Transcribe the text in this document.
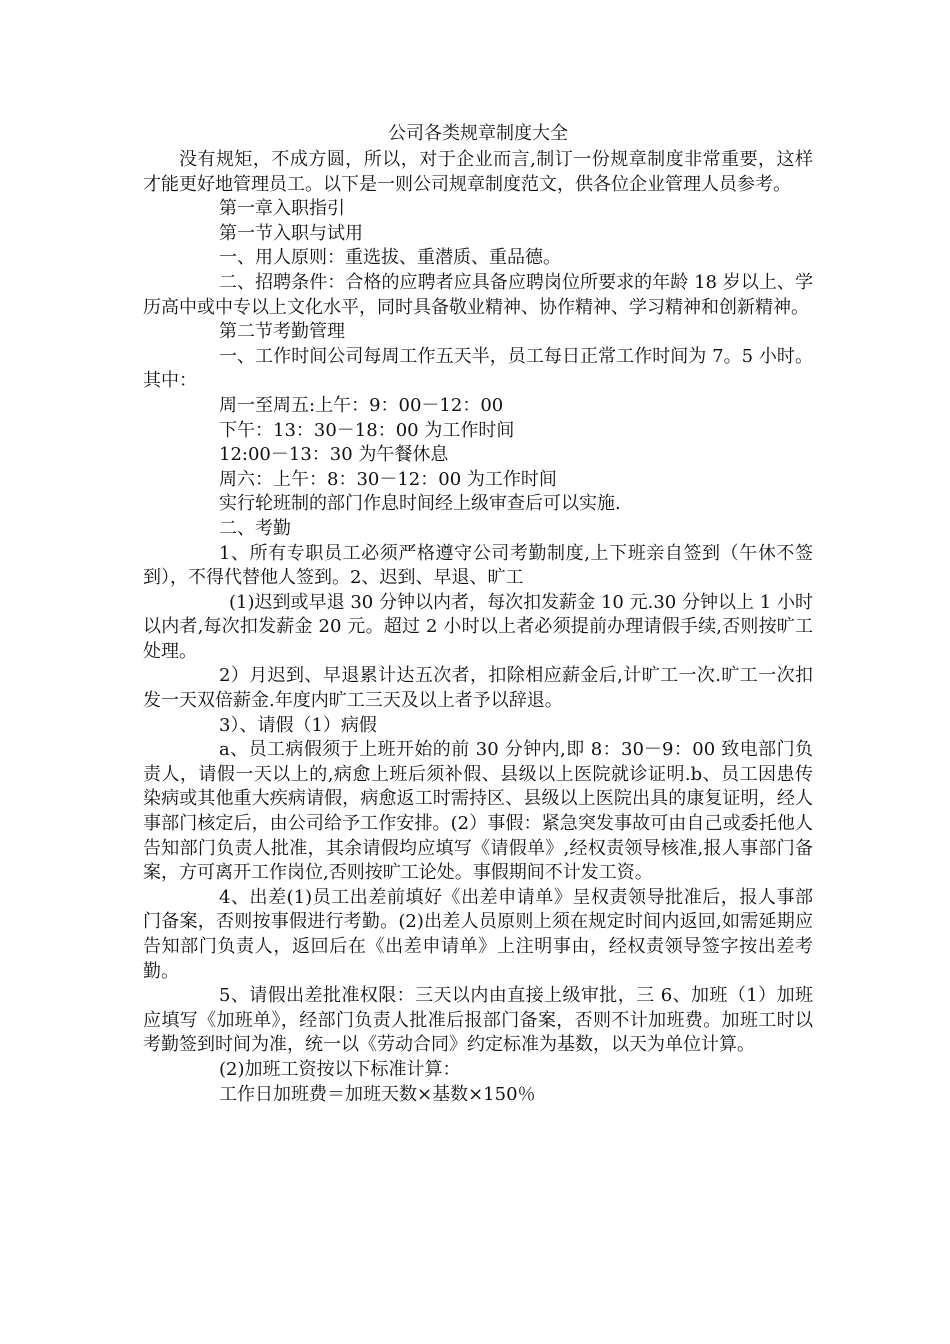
公司各类规章制度大全

没有规矩，不成方圆，所以，对于企业而言,制订一份规章制度非常重要，这样才能更好地管理员工。以下是一则公司规章制度范文，供各位企业管理人员参考。

第一章入职指引

第一节入职与试用

一、用人原则：重选拔、重潜质、重品德。

二、招聘条件：合格的应聘者应具备应聘岗位所要求的年龄 18 岁以上、学历高中或中专以上文化水平，同时具备敬业精神、协作精神、学习精神和创新精神。

第二节考勤管理

一、工作时间公司每周工作五天半，员工每日正常工作时间为 7。5 小时。其中：

周一至周五:上午：9：00－12：00

下午：13：30－18：00 为工作时间

12:00－13：30 为午餐休息

周六：上午：8：30－12：00 为工作时间

实行轮班制的部门作息时间经上级审查后可以实施.

二、考勤

1、所有专职员工必须严格遵守公司考勤制度,上下班亲自签到（午休不签到），不得代替他人签到。2、迟到、早退、旷工

(1)迟到或早退 30 分钟以内者，每次扣发薪金 10 元.30 分钟以上 1 小时以内者,每次扣发薪金 20 元。超过 2 小时以上者必须提前办理请假手续,否则按旷工处理。

2）月迟到、早退累计达五次者，扣除相应薪金后,计旷工一次.旷工一次扣发一天双倍薪金.年度内旷工三天及以上者予以辞退。

3）、请假（1）病假

a、员工病假须于上班开始的前 30 分钟内,即 8：30－9：00 致电部门负责人，请假一天以上的,病愈上班后须补假、县级以上医院就诊证明.b、员工因患传染病或其他重大疾病请假，病愈返工时需持区、县级以上医院出具的康复证明，经人事部门核定后，由公司给予工作安排。(2）事假：紧急突发事故可由自己或委托他人告知部门负责人批准，其余请假均应填写《请假单》,经权责领导核准,报人事部门备案，方可离开工作岗位,否则按旷工论处。事假期间不计发工资。

4、出差(1)员工出差前填好《出差申请单》呈权责领导批准后，报人事部门备案，否则按事假进行考勤。(2)出差人员原则上须在规定时间内返回,如需延期应告知部门负责人，返回后在《出差申请单》上注明事由，经权责领导签字按出差考勤。

5、请假出差批准权限：三天以内由直接上级审批，三 6、加班（1）加班应填写《加班单》，经部门负责人批准后报部门备案，否则不计加班费。加班工时以考勤签到时间为准，统一以《劳动合同》约定标准为基数，以天为单位计算。

(2)加班工资按以下标准计算：

工作日加班费＝加班天数×基数×150％
